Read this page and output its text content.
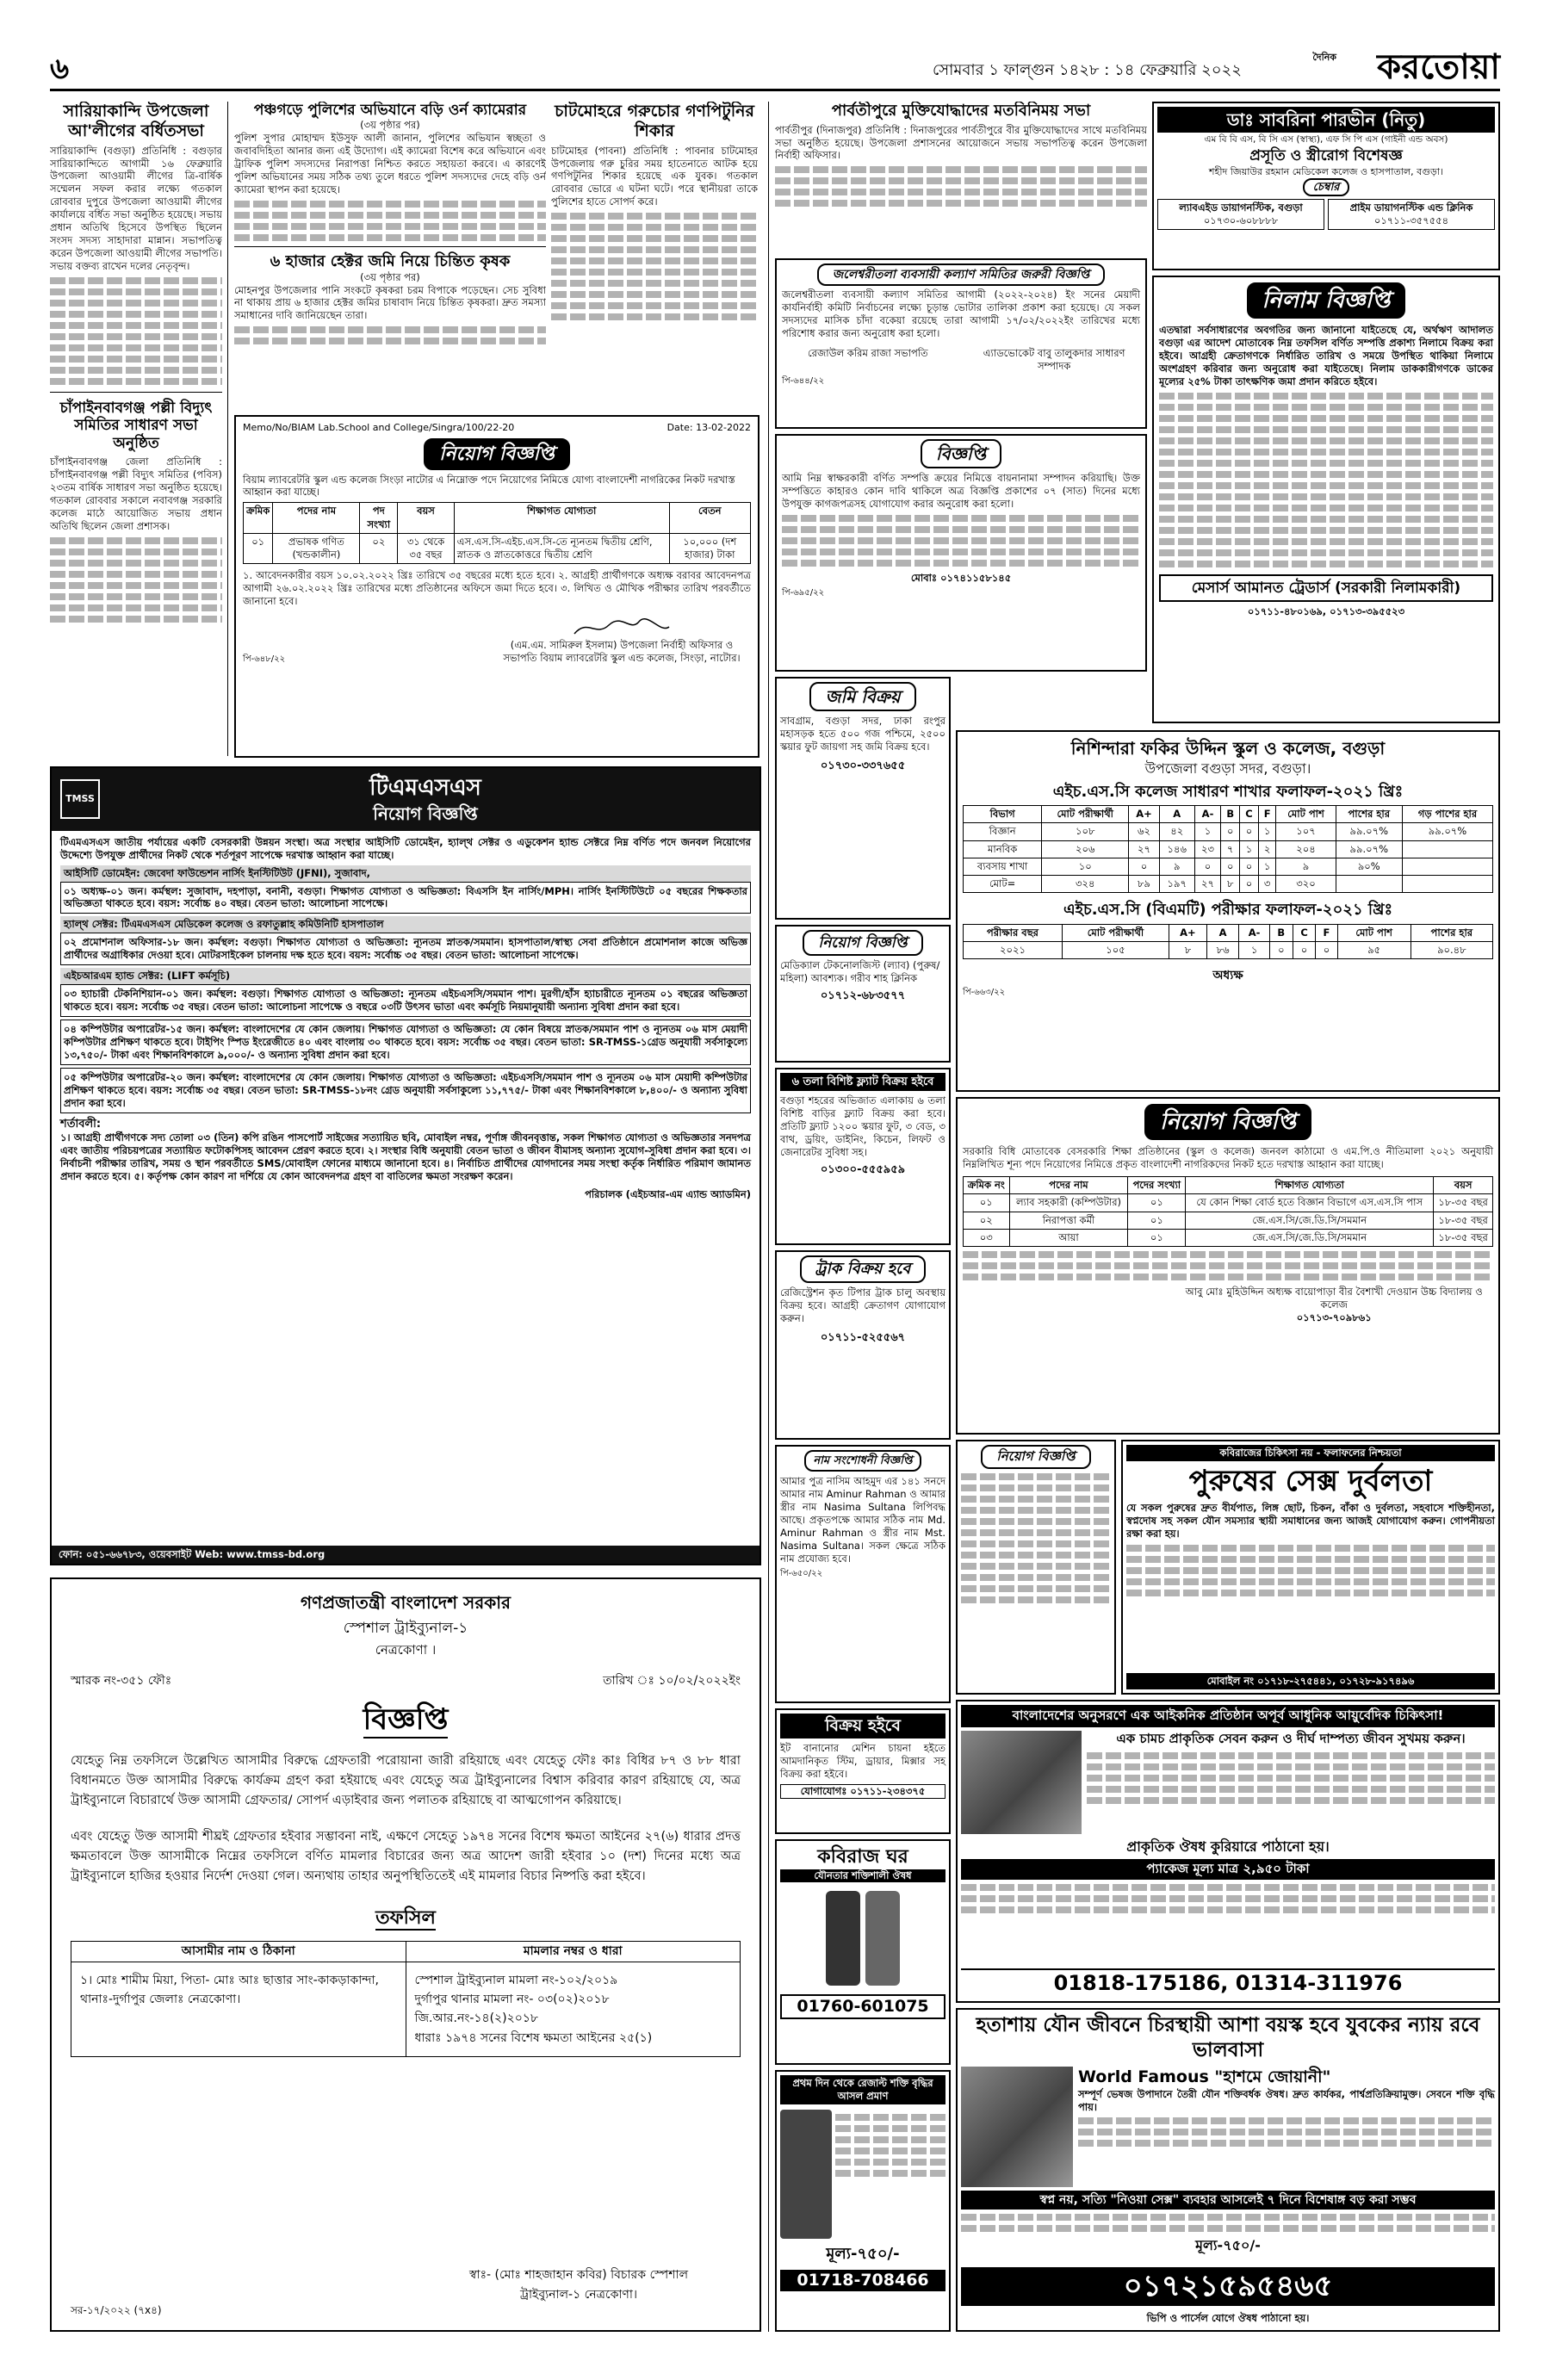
৬	সোমবার ১ ফাল্গুন ১৪২৮ : ১৪ ফেব্রুয়ারি ২০২২
দৈনিক করতোয়া
সারিয়াকান্দি উপজেলা আ'লীগের বর্ধিতসভা
সারিয়াকান্দি (বগুড়া) প্রতিনিধি : বগুড়ার সারিয়াকান্দিতে আগামী ১৬ ফেব্রুয়ারি উপজেলা আওয়ামী লীগের ত্রি-বার্ষিক সম্মেলন সফল করার লক্ষ্যে গতকাল রোববার দুপুরে উপজেলা আওয়ামী লীগের কার্যালয়ে বর্ধিত সভা অনুষ্ঠিত হয়েছে। সভায় প্রধান অতিথি হিসেবে উপস্থিত ছিলেন সংসদ সদস্য সাহাদারা মান্নান। সভাপতিত্ব করেন উপজেলা আওয়ামী লীগের সভাপতি। সভায় বক্তব্য রাখেন দলের নেতৃবৃন্দ।
চাঁপাইনবাবগঞ্জ পল্লী বিদ্যুৎ সমিতির সাধারণ সভা অনুষ্ঠিত
চাঁপাইনবাবগঞ্জ জেলা প্রতিনিধি : চাঁপাইনবাবগঞ্জ পল্লী বিদ্যুৎ সমিতির (পবিস) ২৩তম বার্ষিক সাধারণ সভা অনুষ্ঠিত হয়েছে। গতকাল রোববার সকালে নবাবগঞ্জ সরকারি কলেজ মাঠে আয়োজিত সভায় প্রধান অতিথি ছিলেন জেলা প্রশাসক।
পঞ্চগড়ে পুলিশের অভিযানে বড়ি ওর্ন ক্যামেরার
(৩য় পৃষ্ঠার পর)
পুলিশ সুপার মোহাম্মদ ইউসুফ আলী জানান, পুলিশের অভিযান স্বচ্ছতা ও জবাবদিহিতা আনার জন্য এই উদ্যোগ। এই ক্যামেরা বিশেষ করে অভিযানে এবং ট্রাফিক পুলিশ সদস্যদের নিরাপত্তা নিশ্চিত করতে সহায়তা করবে। এ কারণেই পুলিশ অভিযানের সময় সঠিক তথ্য তুলে ধরতে পুলিশ সদস্যদের দেহে বড়ি ওর্ন ক্যামেরা স্থাপন করা হয়েছে।
৬ হাজার হেক্টর জমি নিয়ে চিন্তিত কৃষক
(৩য় পৃষ্ঠার পর)
মোহনপুর উপজেলার পানি সংকটে কৃষকরা চরম বিপাকে পড়েছেন। সেচ সুবিধা না থাকায় প্রায় ৬ হাজার হেক্টর জমির চাষাবাদ নিয়ে চিন্তিত কৃষকরা। দ্রুত সমস্যা সমাধানের দাবি জানিয়েছেন তারা।
চাটমোহরে গরুচোর গণপিটুনির শিকার
চাটমোহর (পাবনা) প্রতিনিধি : পাবনার চাটমোহর উপজেলায় গরু চুরির সময় হাতেনাতে আটক হয়ে গণপিটুনির শিকার হয়েছে এক যুবক। গতকাল রোববার ভোরে এ ঘটনা ঘটে। পরে স্থানীয়রা তাকে পুলিশের হাতে সোপর্দ করে।
Memo/No/BIAM Lab.School and College/Singra/100/22-20	Date: 13-02-2022
নিয়োগ বিজ্ঞপ্তি
বিয়াম ল্যাবরেটরি স্কুল এন্ড কলেজ সিংড়া নাটোর এ নিম্নোক্ত পদে নিয়োগের নিমিত্তে যোগ্য বাংলাদেশী নাগরিকের নিকট দরখাস্ত আহ্বান করা যাচ্ছে।
ক্রমিক	পদের নাম	পদ সংখ্যা	বয়স	শিক্ষাগত যোগ্যতা	বেতন
০১	প্রভাষক গণিত (খন্ডকালীন)	০২	৩১ থেকে ৩৫ বছর	এস.এস.সি-এইচ.এস.সি-তে ন্যূনতম দ্বিতীয় শ্রেণি, স্নাতক ও স্নাতকোত্তরে দ্বিতীয় শ্রেণি	১০,০০০ (দশ হাজার) টাকা
১. আবেদনকারীর বয়স ১০.০২.২০২২ খ্রিঃ তারিখে ৩৫ বছরের মধ্যে হতে হবে। ২. আগ্রহী প্রার্থীগণকে অধ্যক্ষ বরাবর আবেদনপত্র আগামী ২৬.০২.২০২২ খ্রিঃ তারিখের মধ্যে প্রতিষ্ঠানের অফিসে জমা দিতে হবে। ৩. লিখিত ও মৌখিক পরীক্ষার তারিখ পরবর্তীতে জানানো হবে।
পি-৬৪৮/২২
(এম.এম. সামিরুল ইসলাম) উপজেলা নির্বাহী অফিসার ও সভাপতি বিয়াম ল্যাবরেটরি স্কুল এন্ড কলেজ, সিংড়া, নাটোর।
TMSS	টিএমএসএস
নিয়োগ বিজ্ঞপ্তি
টিএমএসএস জাতীয় পর্যায়ের একটি বেসরকারী উন্নয়ন সংস্থা। অত্র সংস্থার আইসিটি ডোমেইন, হ্যাল্থ সেক্টর ও এডুকেশন হ্যান্ড সেক্টরে নিম্ন বর্ণিত পদে জনবল নিয়োগের উদ্দেশ্যে উপযুক্ত প্রার্থীদের নিকট থেকে শর্তপূরণ সাপেক্ষে দরখাস্ত আহ্বান করা যাচ্ছে।
আইসিটি ডোমেইন: জেবেদা ফাউন্ডেশন নার্সিং ইনস্টিটিউট (JFNI), সুজাবাদ,
০১ অধ্যক্ষ-০১ জন। কর্মস্থল: সুজাবাদ, দহপাড়া, বনানী, বগুড়া। শিক্ষাগত যোগ্যতা ও অভিজ্ঞতা: বিএসসি ইন নার্সিং/MPH। নার্সিং ইনস্টিটিউটে ০৫ বছরের শিক্ষকতার অভিজ্ঞতা থাকতে হবে। বয়স: সর্বোচ্চ ৪০ বছর। বেতন ভাতা: আলোচনা সাপেক্ষে।
হ্যাল্থ সেক্টর: টিএমএসএস মেডিকেল কলেজ ও রফাতুল্লাহ কমিউনিটি হাসপাতাল
০২ প্রমোশনাল অফিসার-১৮ জন। কর্মস্থল: বগুড়া। শিক্ষাগত যোগ্যতা ও অভিজ্ঞতা: ন্যূনতম স্নাতক/সমমান। হাসপাতাল/স্বাস্থ্য সেবা প্রতিষ্ঠানে প্রমোশনাল কাজে অভিজ্ঞ প্রার্থীদের অগ্রাধিকার দেওয়া হবে। মোটরসাইকেল চালনায় দক্ষ হতে হবে। বয়স: সর্বোচ্চ ৩৫ বছর। বেতন ভাতা: আলোচনা সাপেক্ষে।
এইচআরএম হ্যান্ড সেক্টর: (LIFT কর্মসূচি)
০৩ হ্যাচারী টেকনিশিয়ান-০১ জন। কর্মস্থল: বগুড়া। শিক্ষাগত যোগ্যতা ও অভিজ্ঞতা: ন্যূনতম এইচএসসি/সমমান পাশ। মুরগী/হাঁস হ্যাচারীতে ন্যূনতম ০১ বছরের অভিজ্ঞতা থাকতে হবে। বয়স: সর্বোচ্চ ৩৫ বছর। বেতন ভাতা: আলোচনা সাপেক্ষে ও বছরে ০৩টি উৎসব ভাতা এবং কর্মসূচি নিয়মানুযায়ী অন্যান্য সুবিধা প্রদান করা হবে।
০৪ কম্পিউটার অপারেটর-১৫ জন। কর্মস্থল: বাংলাদেশের যে কোন জেলায়। শিক্ষাগত যোগ্যতা ও অভিজ্ঞতা: যে কোন বিষয়ে স্নাতক/সমমান পাশ ও ন্যূনতম ০৬ মাস মেয়াদী কম্পিউটার প্রশিক্ষণ থাকতে হবে। টাইপিং স্পিড ইংরেজীতে ৪০ এবং বাংলায় ৩০ থাকতে হবে। বয়স: সর্বোচ্চ ৩৫ বছর। বেতন ভাতা: SR-TMSS-১গ্রেড অনুযায়ী সর্বসাকুল্যে ১৩,৭৫০/- টাকা এবং শিক্ষানবিশকালে ৯,০০০/- ও অন্যান্য সুবিধা প্রদান করা হবে।
০৫ কম্পিউটার অপারেটর-২০ জন। কর্মস্থল: বাংলাদেশের যে কোন জেলায়। শিক্ষাগত যোগ্যতা ও অভিজ্ঞতা: এইচএসসি/সমমান পাশ ও ন্যূনতম ০৬ মাস মেয়াদী কম্পিউটার প্রশিক্ষণ থাকতে হবে। বয়স: সর্বোচ্চ ৩৫ বছর। বেতন ভাতা: SR-TMSS-১৮নং গ্রেড অনুযায়ী সর্বসাকুল্যে ১১,৭৭৫/- টাকা এবং শিক্ষানবিশকালে ৮,৪০০/- ও অন্যান্য সুবিধা প্রদান করা হবে।
শর্তাবলী:
১। আগ্রহী প্রার্থীগণকে সদ্য তোলা ০৩ (তিন) কপি রঙিন পাসপোর্ট সাইজের সত্যায়িত ছবি, মোবাইল নম্বর, পূর্ণাঙ্গ জীবনবৃত্তান্ত, সকল শিক্ষাগত যোগ্যতা ও অভিজ্ঞতার সনদপত্র এবং জাতীয় পরিচয়পত্রের সত্যায়িত ফটোকপিসহ আবেদন প্রেরণ করতে হবে। ২। সংস্থার বিধি অনুযায়ী বেতন ভাতা ও জীবন বীমাসহ অন্যান্য সুযোগ-সুবিধা প্রদান করা হবে। ৩। নির্বাচনী পরীক্ষার তারিখ, সময় ও স্থান পরবর্তীতে SMS/মোবাইল ফোনের মাধ্যমে জানানো হবে। ৪। নির্বাচিত প্রার্থীদের যোগদানের সময় সংস্থা কর্তৃক নির্ধারিত পরিমাণ জামানত প্রদান করতে হবে। ৫। কর্তৃপক্ষ কোন কারণ না দর্শিয়ে যে কোন আবেদনপত্র গ্রহণ বা বাতিলের ক্ষমতা সংরক্ষণ করেন।
পরিচালক (এইচআর-এম এ্যান্ড অ্যাডমিন)
ফোন: ০৫১-৬৬৭৮৩, ওয়েবসাইট Web: www.tmss-bd.org
গণপ্রজাতন্ত্রী বাংলাদেশ সরকার
স্পেশাল ট্রাইব্যুনাল-১
নেত্রকোণা ।
স্মারক নং-৩৫১ ফৌঃ	তারিখ ঃ ১০/০২/২০২২ইং
বিজ্ঞপ্তি
যেহেতু নিম্ন তফসিলে উল্লেখিত আসামীর বিরুদ্ধে গ্রেফতারী পরোয়ানা জারী রহিয়াছে এবং যেহেতু ফৌঃ কাঃ বিধির ৮৭ ও ৮৮ ধারা বিধানমতে উক্ত আসামীর বিরুদ্ধে কার্যক্রম গ্রহণ করা হইয়াছে এবং যেহেতু অত্র ট্রাইব্যুনালের বিশ্বাস করিবার কারণ রহিয়াছে যে, অত্র ট্রাইব্যুনালে বিচারার্থে উক্ত আসামী গ্রেফতার/ সোপর্দ এড়াইবার জন্য পলাতক রহিয়াছে বা আত্মগোপন করিয়াছে।
এবং যেহেতু উক্ত আসামী শীঘ্রই গ্রেফতার হইবার সম্ভাবনা নাই, এক্ষণে সেহেতু ১৯৭৪ সনের বিশেষ ক্ষমতা আইনের ২৭(৬) ধারার প্রদত্ত ক্ষমতাবলে উক্ত আসামীকে নিম্নের তফসিলে বর্ণিত মামলার বিচারের জন্য অত্র আদেশ জারী হইবার ১০ (দশ) দিনের মধ্যে অত্র ট্রাইব্যুনালে হাজির হওয়ার নির্দেশ দেওয়া গেল। অন্যথায় তাহার অনুপস্থিতিতেই এই মামলার বিচার নিষ্পত্তি করা হইবে।
তফসিল
আসামীর নাম ও ঠিকানা	মামলার নম্বর ও ধারা
১। মোঃ শামীম মিয়া, পিতা- মোঃ আঃ ছাত্তার সাং-কাকড়াকান্দা, থানাঃ-দুর্গাপুর জেলাঃ নেত্রকোণা।	স্পেশাল ট্রাইব্যুনাল মামলা নং-১০২/২০১৯
দুর্গাপুর থানার মামলা নং- ০৩(০২)২০১৮
জি.আর.নং-১৪(২)২০১৮
ধারাঃ ১৯৭৪ সনের বিশেষ ক্ষমতা আইনের ২৫(১)
স্বাঃ- (মোঃ শাহজাহান কবির) বিচারক স্পেশাল ট্রাইব্যুনাল-১ নেত্রকোণা।
সর-১৭/২০২২ (৭x৪)
পার্বতীপুরে মুক্তিযোদ্ধাদের মতবিনিময় সভা
পার্বতীপুর (দিনাজপুর) প্রতিনিধি : দিনাজপুরের পার্বতীপুরে বীর মুক্তিযোদ্ধাদের সাথে মতবিনিময় সভা অনুষ্ঠিত হয়েছে। উপজেলা প্রশাসনের আয়োজনে সভায় সভাপতিত্ব করেন উপজেলা নির্বাহী অফিসার।
ডাঃ সাবরিনা পারভীন (নিতু)
এম বি বি এস, বি সি এস (স্বাস্থ্য), এফ সি পি এস (গাইনী এন্ড অবস)
প্রসূতি ও স্ত্রীরোগ বিশেষজ্ঞ
শহীদ জিয়াউর রহমান মেডিকেল কলেজ ও হাসপাতাল, বগুড়া।
চেম্বার
ল্যাবএইড ডায়াগনস্টিক, বগুড়া
০১৭৩০-৬০৮৮৮৮
প্রাইম ডায়াগনস্টিক এন্ড ক্লিনিক
০১৭১১-৩৫৭৫৫৪
জলেশ্বরীতলা ব্যবসায়ী কল্যাণ সমিতির জরুরী বিজ্ঞপ্তি
জলেশ্বরীতলা ব্যবসায়ী কল্যাণ সমিতির আগামী (২০২২-২০২৪) ইং সনের মেয়াদী কার্যনির্বাহী কমিটি নির্বাচনের লক্ষ্যে চূড়ান্ত ভোটার তালিকা প্রকাশ করা হয়েছে। যে সকল সদস্যদের মাসিক চাঁদা বকেয়া রয়েছে তারা আগামী ১৭/০২/২০২২ইং তারিখের মধ্যে পরিশোধ করার জন্য অনুরোধ করা হলো।
রেজাউল করিম রাজা সভাপতি	এ্যাডভোকেট বাবু তালুকদার সাধারণ সম্পাদক
পি-৬৪৪/২২
নিলাম বিজ্ঞপ্তি
এতদ্বারা সর্বসাধারণের অবগতির জন্য জানানো যাইতেছে যে, অর্থঋণ আদালত বগুড়া এর আদেশ মোতাবেক নিম্ন তফসিল বর্ণিত সম্পত্তি প্রকাশ্য নিলামে বিক্রয় করা হইবে। আগ্রহী ক্রেতাগণকে নির্ধারিত তারিখ ও সময়ে উপস্থিত থাকিয়া নিলামে অংশগ্রহণ করিবার জন্য অনুরোধ করা যাইতেছে। নিলাম ডাককারীগণকে ডাকের মূল্যের ২৫% টাকা তাৎক্ষণিক জমা প্রদান করিতে হইবে।
মেসার্স আমানত ট্রেডার্স (সরকারী নিলামকারী)
০১৭১১-৪৮০১৬৯, ০১৭১৩-৩৯৫৫২৩
বিজ্ঞপ্তি
আমি নিম্ন স্বাক্ষরকারী বর্ণিত সম্পত্তি ক্রয়ের নিমিত্তে বায়নানামা সম্পাদন করিয়াছি। উক্ত সম্পত্তিতে কাহারও কোন দাবি থাকিলে অত্র বিজ্ঞপ্তি প্রকাশের ০৭ (সাত) দিনের মধ্যে উপযুক্ত কাগজপত্রসহ যোগাযোগ করার অনুরোধ করা হলো।
মোবাঃ ০১৭৪১১৫৮১৪৫
পি-৬৯৫/২২
জমি বিক্রয়
সাবগ্রাম, বগুড়া সদর, ঢাকা রংপুর মহাসড়ক হতে ৫০০ গজ পশ্চিমে, ২৫০০ স্কয়ার ফুট জায়গা সহ জমি বিক্রয় হবে।
০১৭৩০-৩৩৭৬৫৫
নিয়োগ বিজ্ঞপ্তি
মেডিক্যাল টেকনোলজিস্ট (ল্যাব) (পুরুষ/মহিলা) আবশ্যক। গরীব শাহ ক্লিনিক
০১৭১২-৬৮৩৫৭৭
৬ তলা বিশিষ্ট ফ্ল্যাট বিক্রয় হইবে
বগুড়া শহরের অভিজাত এলাকায় ৬ তলা বিশিষ্ট বাড়ির ফ্ল্যাট বিক্রয় করা হবে। প্রতিটি ফ্ল্যাট ১২০০ স্কয়ার ফুট, ৩ বেড, ৩ বাথ, ড্রয়িং, ডাইনিং, কিচেন, লিফট ও জেনারেটর সুবিধা সহ।
০১৩০০-৫৫৫৯৫৯
ট্রাক বিক্রয় হবে
রেজিস্ট্রেশন কৃত টিপার ট্রাক চালু অবস্থায় বিক্রয় হবে। আগ্রহী ক্রেতাগণ যোগাযোগ করুন।
০১৭১১-৫২৫৫৬৭
নাম সংশোধনী বিজ্ঞপ্তি
আমার পুত্র নাসিম আহমুদ এর ১৪১ সনদে আমার নাম Aminur Rahman ও আমার স্ত্রীর নাম Nasima Sultana লিপিবদ্ধ আছে। প্রকৃতপক্ষে আমার সঠিক নাম Md. Aminur Rahman ও স্ত্রীর নাম Mst. Nasima Sultana। সকল ক্ষেত্রে সঠিক নাম প্রযোজ্য হবে।
পি-৬৫০/২২
বিক্রয় হইবে
ইট বানানোর মেশিন চায়না হইতে আমদানিকৃত স্টিম, ড্রায়ার, মিক্সার সহ বিক্রয় করা হইবে।
যোগাযোগঃ ০১৭১১-২৩৪৩৭৫
কবিরাজ ঘর
যৌনতার শক্তিশালী ঔষধ
01760-601075
প্রথম দিন থেকে রেজাল্ট শক্তি বৃদ্ধির আসল প্রমাণ
মূল্য-৭৫০/-
01718-708466
নিশিন্দারা ফকির উদ্দিন স্কুল ও কলেজ, বগুড়া
উপজেলা বগুড়া সদর, বগুড়া।
এইচ.এস.সি কলেজ সাধারণ শাখার ফলাফল-২০২১ খ্রিঃ
বিভাগ	মোট পরীক্ষার্থী	A+	A	A-	B	C	F	মোট পাশ	পাশের হার	গড় পাশের হার
বিজ্ঞান	১০৮	৬২	৪২	১	০	০	১	১০৭	৯৯.০৭%	৯৯.০৭%
মানবিক	২০৬	২৭	১৪৬	২৩	৭	১	২	২০৪	৯৯.০৭%	
ব্যবসায় শাখা	১০	০	৯	০	০	০	১	৯	৯০%	
মোট=	৩২৪	৮৯	১৯৭	২৭	৮	০	৩	৩২০		
এইচ.এস.সি (বিএমটি) পরীক্ষার ফলাফল-২০২১ খ্রিঃ
পরীক্ষার বছর	মোট পরীক্ষার্থী	A+	A	A-	B	C	F	মোট পাশ	পাশের হার
২০২১	১০৫	৮	৮৬	১	০	০	০	৯৫	৯০.৪৮
অধ্যক্ষ
পি-৬৬৩/২২
নিয়োগ বিজ্ঞপ্তি
সরকারি বিধি মোতাবেক বেসরকারি শিক্ষা প্রতিষ্ঠানের (স্কুল ও কলেজ) জনবল কাঠামো ও এম.পি.ও নীতিমালা ২০২১ অনুযায়ী নিম্নলিখিত শূন্য পদে নিয়োগের নিমিত্তে প্রকৃত বাংলাদেশী নাগরিকদের নিকট হতে দরখাস্ত আহ্বান করা যাচ্ছে।
ক্রমিক নং	পদের নাম	পদের সংখ্যা	শিক্ষাগত যোগ্যতা	বয়স
০১	ল্যাব সহকারী (কম্পিউটার)	০১	যে কোন শিক্ষা বোর্ড হতে বিজ্ঞান বিভাগে এস.এস.সি পাস	১৮-৩৫ বছর
০২	নিরাপত্তা কর্মী	০১	জে.এস.সি/জে.ডি.সি/সমমান	১৮-৩৫ বছর
০৩	আয়া	০১	জে.এস.সি/জে.ডি.সি/সমমান	১৮-৩৫ বছর
আবু মোঃ মুহিউদ্দিন অধ্যক্ষ বায়োপাড়া বীর বৈশাখী দেওয়ান উচ্চ বিদ্যালয় ও কলেজ
০১৭১৩-৭০৯৮৬১
নিয়োগ বিজ্ঞপ্তি	কবিরাজের চিকিৎসা নয় - ফলাফলের নিশ্চয়তা
পুরুষের সেক্স দুর্বলতা
যে সকল পুরুষের দ্রুত বীর্যপাত, লিঙ্গ ছোট, চিকন, বাঁকা ও দুর্বলতা, সহবাসে শক্তিহীনতা, স্বপ্নদোষ সহ সকল যৌন সমস্যার স্থায়ী সমাধানের জন্য আজই যোগাযোগ করুন। গোপনীয়তা রক্ষা করা হয়।
মোবাইল নং ০১৭১৮-২৭৫৪৪১, ০১৭২৮-৯১৭৪৯৬
বাংলাদেশের অনুসরণে এক আইকনিক প্রতিষ্ঠান অপূর্ব আধুনিক আয়ুর্বেদিক চিকিৎসা!
এক চামচ প্রাকৃতিক সেবন করুন ও দীর্ঘ দাম্পত্য জীবন সুখময় করুন।
প্রাকৃতিক ঔষধ কুরিয়ারে পাঠানো হয়।
প্যাকেজ মূল্য মাত্র ২,৯৫০ টাকা
01818-175186, 01314-311976
হতাশায় যৌন জীবনে চিরস্থায়ী আশা বয়স্ক হবে যুবকের ন্যায় রবে ভালবাসা
World Famous "হাশমে জোয়ানী"
সম্পূর্ণ ভেষজ উপাদানে তৈরী যৌন শক্তিবর্ধক ঔষধ। দ্রুত কার্যকর, পার্শ্বপ্রতিক্রিয়ামুক্ত। সেবনে শক্তি বৃদ্ধি পায়।
স্বপ্ন নয়, সত্যি "নিওয়া সেক্স" ব্যবহার আসলেই ৭ দিনে বিশেষাঙ্গ বড় করা সম্ভব
মূল্য-৭৫০/-
০১৭২১৫৯৫৪৬৫
ভিপি ও পার্সেল যোগে ঔষধ পাঠানো হয়।
